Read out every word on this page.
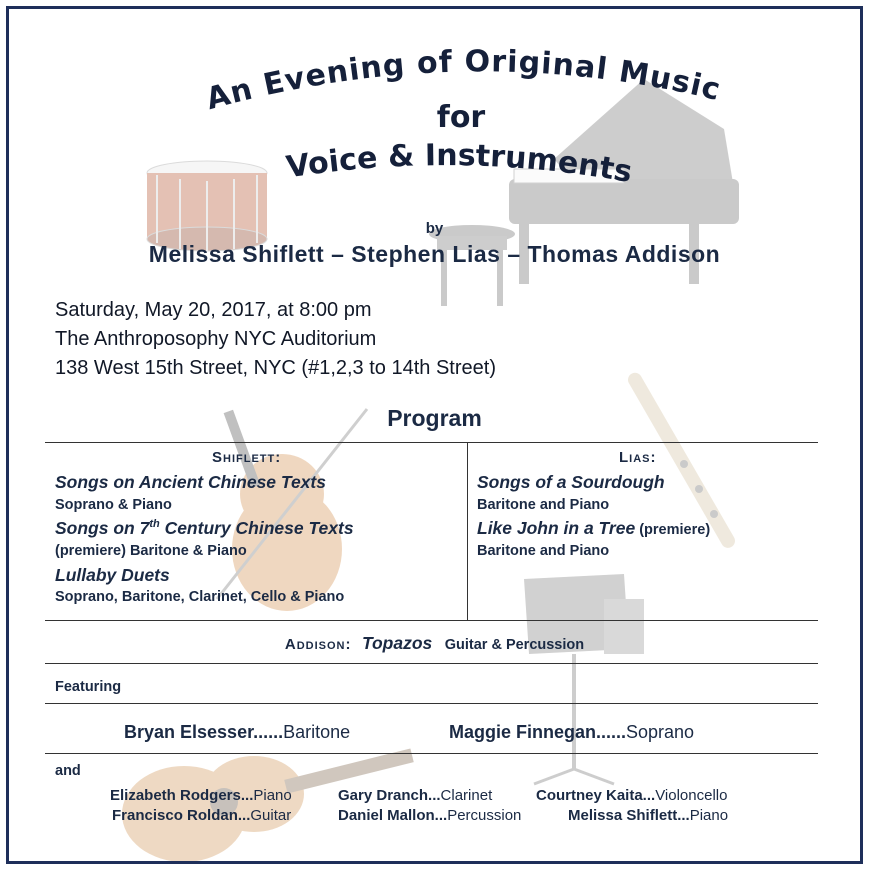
An Evening of Original Music
for
Voice & Instruments
by
Melissa Shiflett – Stephen Lias – Thomas Addison
Saturday, May 20, 2017, at 8:00 pm
The Anthroposophy NYC Auditorium
138 West 15th Street, NYC (#1,2,3 to 14th Street)
Program
Shiflett:
Songs on Ancient Chinese Texts
Soprano & Piano
Songs on 7th Century Chinese Texts
(premiere) Baritone & Piano
Lullaby Duets
Soprano, Baritone, Clarinet, Cello & Piano
Lias:
Songs of a Sourdough
Baritone and Piano
Like John in a Tree (premiere)
Baritone and Piano
Addison: Topazos Guitar & Percussion
Featuring
Bryan Elsesser......Baritone	Maggie Finnegan......Soprano
and
Elizabeth Rodgers...Piano	Gary Dranch...Clarinet	Courtney Kaita...Violoncello
Francisco Roldan...Guitar	Daniel Mallon...Percussion	Melissa Shiflett...Piano
